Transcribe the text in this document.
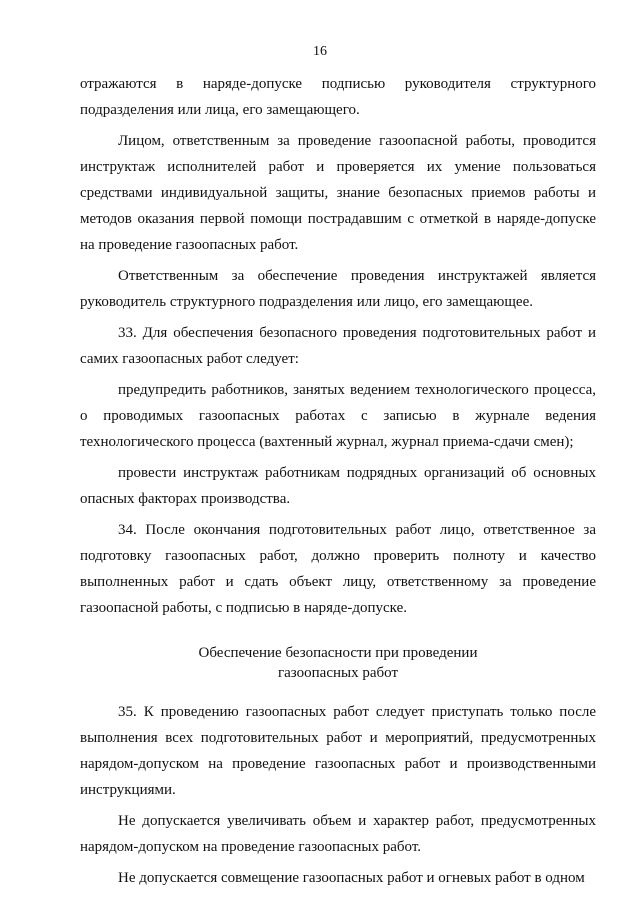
16

отражаются в наряде-допуске подписью руководителя структурного подразделения или лица, его замещающего.

Лицом, ответственным за проведение газоопасной работы, проводится инструктаж исполнителей работ и проверяется их умение пользоваться средствами индивидуальной защиты, знание безопасных приемов работы и методов оказания первой помощи пострадавшим с отметкой в наряде-допуске на проведение газоопасных работ.

Ответственным за обеспечение проведения инструктажей является руководитель структурного подразделения или лицо, его замещающее.

33. Для обеспечения безопасного проведения подготовительных работ и самих газоопасных работ следует:

предупредить работников, занятых ведением технологического процесса, о проводимых газоопасных работах с записью в журнале ведения технологического процесса (вахтенный журнал, журнал приема-сдачи смен);

провести инструктаж работникам подрядных организаций об основных опасных факторах производства.

34. После окончания подготовительных работ лицо, ответственное за подготовку газоопасных работ, должно проверить полноту и качество выполненных работ и сдать объект лицу, ответственному за проведение газоопасной работы, с подписью в наряде-допуске.

Обеспечение безопасности при проведении
газоопасных работ

35. К проведению газоопасных работ следует приступать только после выполнения всех подготовительных работ и мероприятий, предусмотренных нарядом-допуском на проведение газоопасных работ и производственными инструкциями.

Не допускается увеличивать объем и характер работ, предусмотренных нарядом-допуском на проведение газоопасных работ.

Не допускается совмещение газоопасных работ и огневых работ в одном
